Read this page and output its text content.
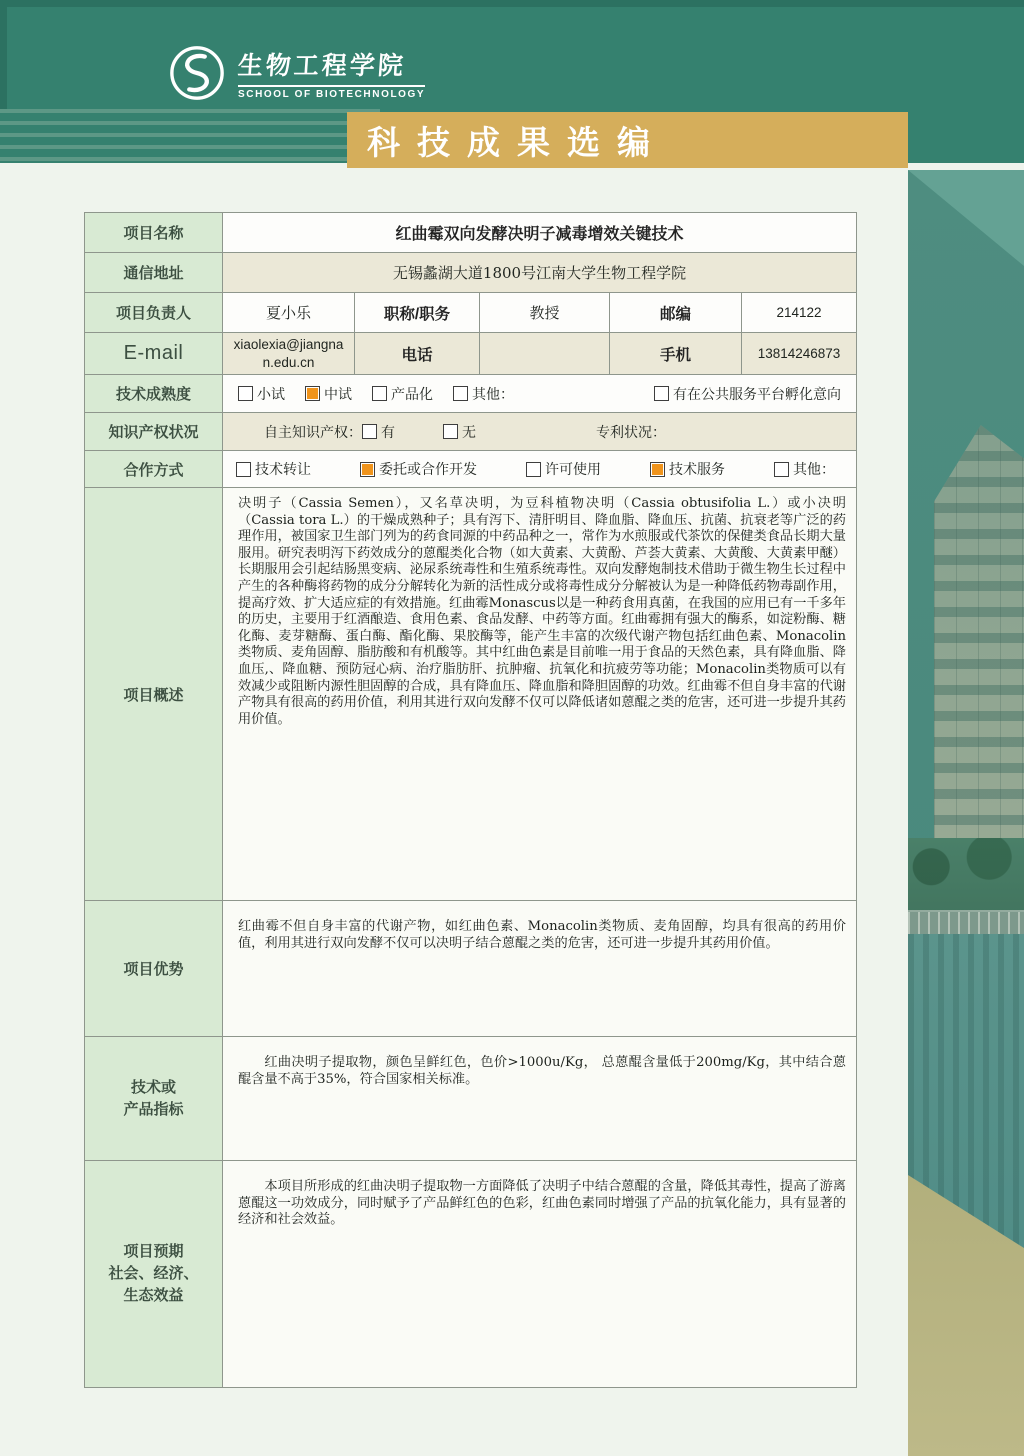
生物工程学院
SCHOOL OF BIOTECHNOLOGY
科技成果选编
项目名称	红曲霉双向发酵决明子减毒增效关键技术				
通信地址	无锡蠡湖大道1800号江南大学生物工程学院				
项目负责人	夏小乐	职称/职务	教授	邮编	214122
E-mail	xiaolexia@jiangnan.edu.cn	电话		手机	13814246873
技术成熟度	小试 中试 产品化 其他： 有在公共服务平台孵化意向				

知识产权状况	自主知识产权： 有 无 专利状况：				

合作方式	技术转让 委托或合作开发 许可使用 技术服务 其他：				

项目概述	决明子（Cassia Semen），又名草决明，为豆科植物决明（Cassia obtusifolia L.）或小决明（Cassia tora L.）的干燥成熟种子；具有泻下、清肝明目、降血脂、降血压、抗菌、抗衰老等广泛的药理作用，被国家卫生部门列为的药食同源的中药品种之一，常作为水煎服或代茶饮的保健类食品长期大量服用。研究表明泻下药效成分的蒽醌类化合物（如大黄素、大黄酚、芦荟大黄素、大黄酸、大黄素甲醚）长期服用会引起结肠黑变病、泌尿系统毒性和生殖系统毒性。双向发酵炮制技术借助于微生物生长过程中产生的各种酶将药物的成分分解转化为新的活性成分或将毒性成分分解被认为是一种降低药物毒副作用，提高疗效、扩大适应症的有效措施。红曲霉Monascus以是一种药食用真菌，在我国的应用已有一千多年的历史，主要用于红酒酿造、食用色素、食品发酵、中药等方面。红曲霉拥有强大的酶系，如淀粉酶、糖化酶、麦芽糖酶、蛋白酶、酯化酶、果胶酶等，能产生丰富的次级代谢产物包括红曲色素、Monacolin类物质、麦角固醇、脂肪酸和有机酸等。其中红曲色素是目前唯一用于食品的天然色素，具有降血脂、降血压,、降血糖、预防冠心病、治疗脂肪肝、抗肿瘤、抗氧化和抗疲劳等功能；Monacolin类物质可以有效减少或阻断内源性胆固醇的合成，具有降血压、降血脂和降胆固醇的功效。红曲霉不但自身丰富的代谢产物具有很高的药用价值，利用其进行双向发酵不仅可以降低诸如蒽醌之类的危害，还可进一步提升其药用价值。				
项目优势	红曲霉不但自身丰富的代谢产物，如红曲色素、Monacolin类物质、麦角固醇，均具有很高的药用价值，利用其进行双向发酵不仅可以决明子结合蒽醌之类的危害，还可进一步提升其药用价值。				

技术或
产品指标	红曲决明子提取物，颜色呈鲜红色，色价>1000u/Kg， 总蒽醌含量低于200mg/Kg，其中结合蒽醌含量不高于35%，符合国家相关标准。				

项目预期
社会、经济、
生态效益	本项目所形成的红曲决明子提取物一方面降低了决明子中结合蒽醌的含量，降低其毒性，提高了游离蒽醌这一功效成分，同时赋予了产品鲜红色的色彩，红曲色素同时增强了产品的抗氧化能力，具有显著的经济和社会效益。				
